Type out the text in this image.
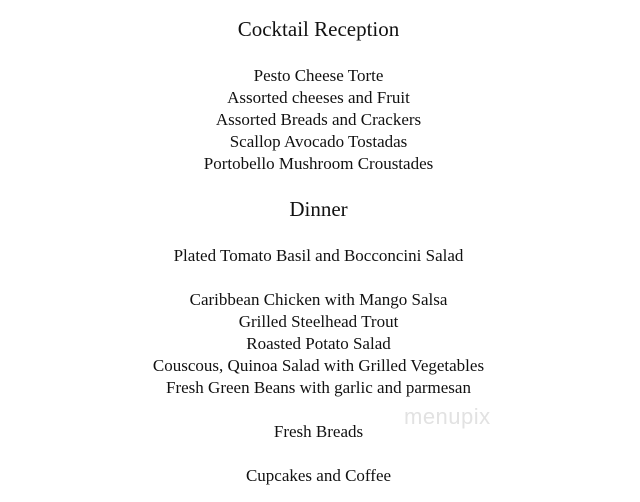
Cocktail Reception
Pesto Cheese Torte
Assorted cheeses and Fruit
Assorted Breads and Crackers
Scallop Avocado Tostadas
Portobello Mushroom Croustades
Dinner
Plated Tomato Basil and Bocconcini Salad
Caribbean Chicken with Mango Salsa
Grilled Steelhead Trout
Roasted Potato Salad
Couscous, Quinoa Salad with Grilled Vegetables
Fresh Green Beans with garlic and parmesan
Fresh Breads
Cupcakes and Coffee
menupix
